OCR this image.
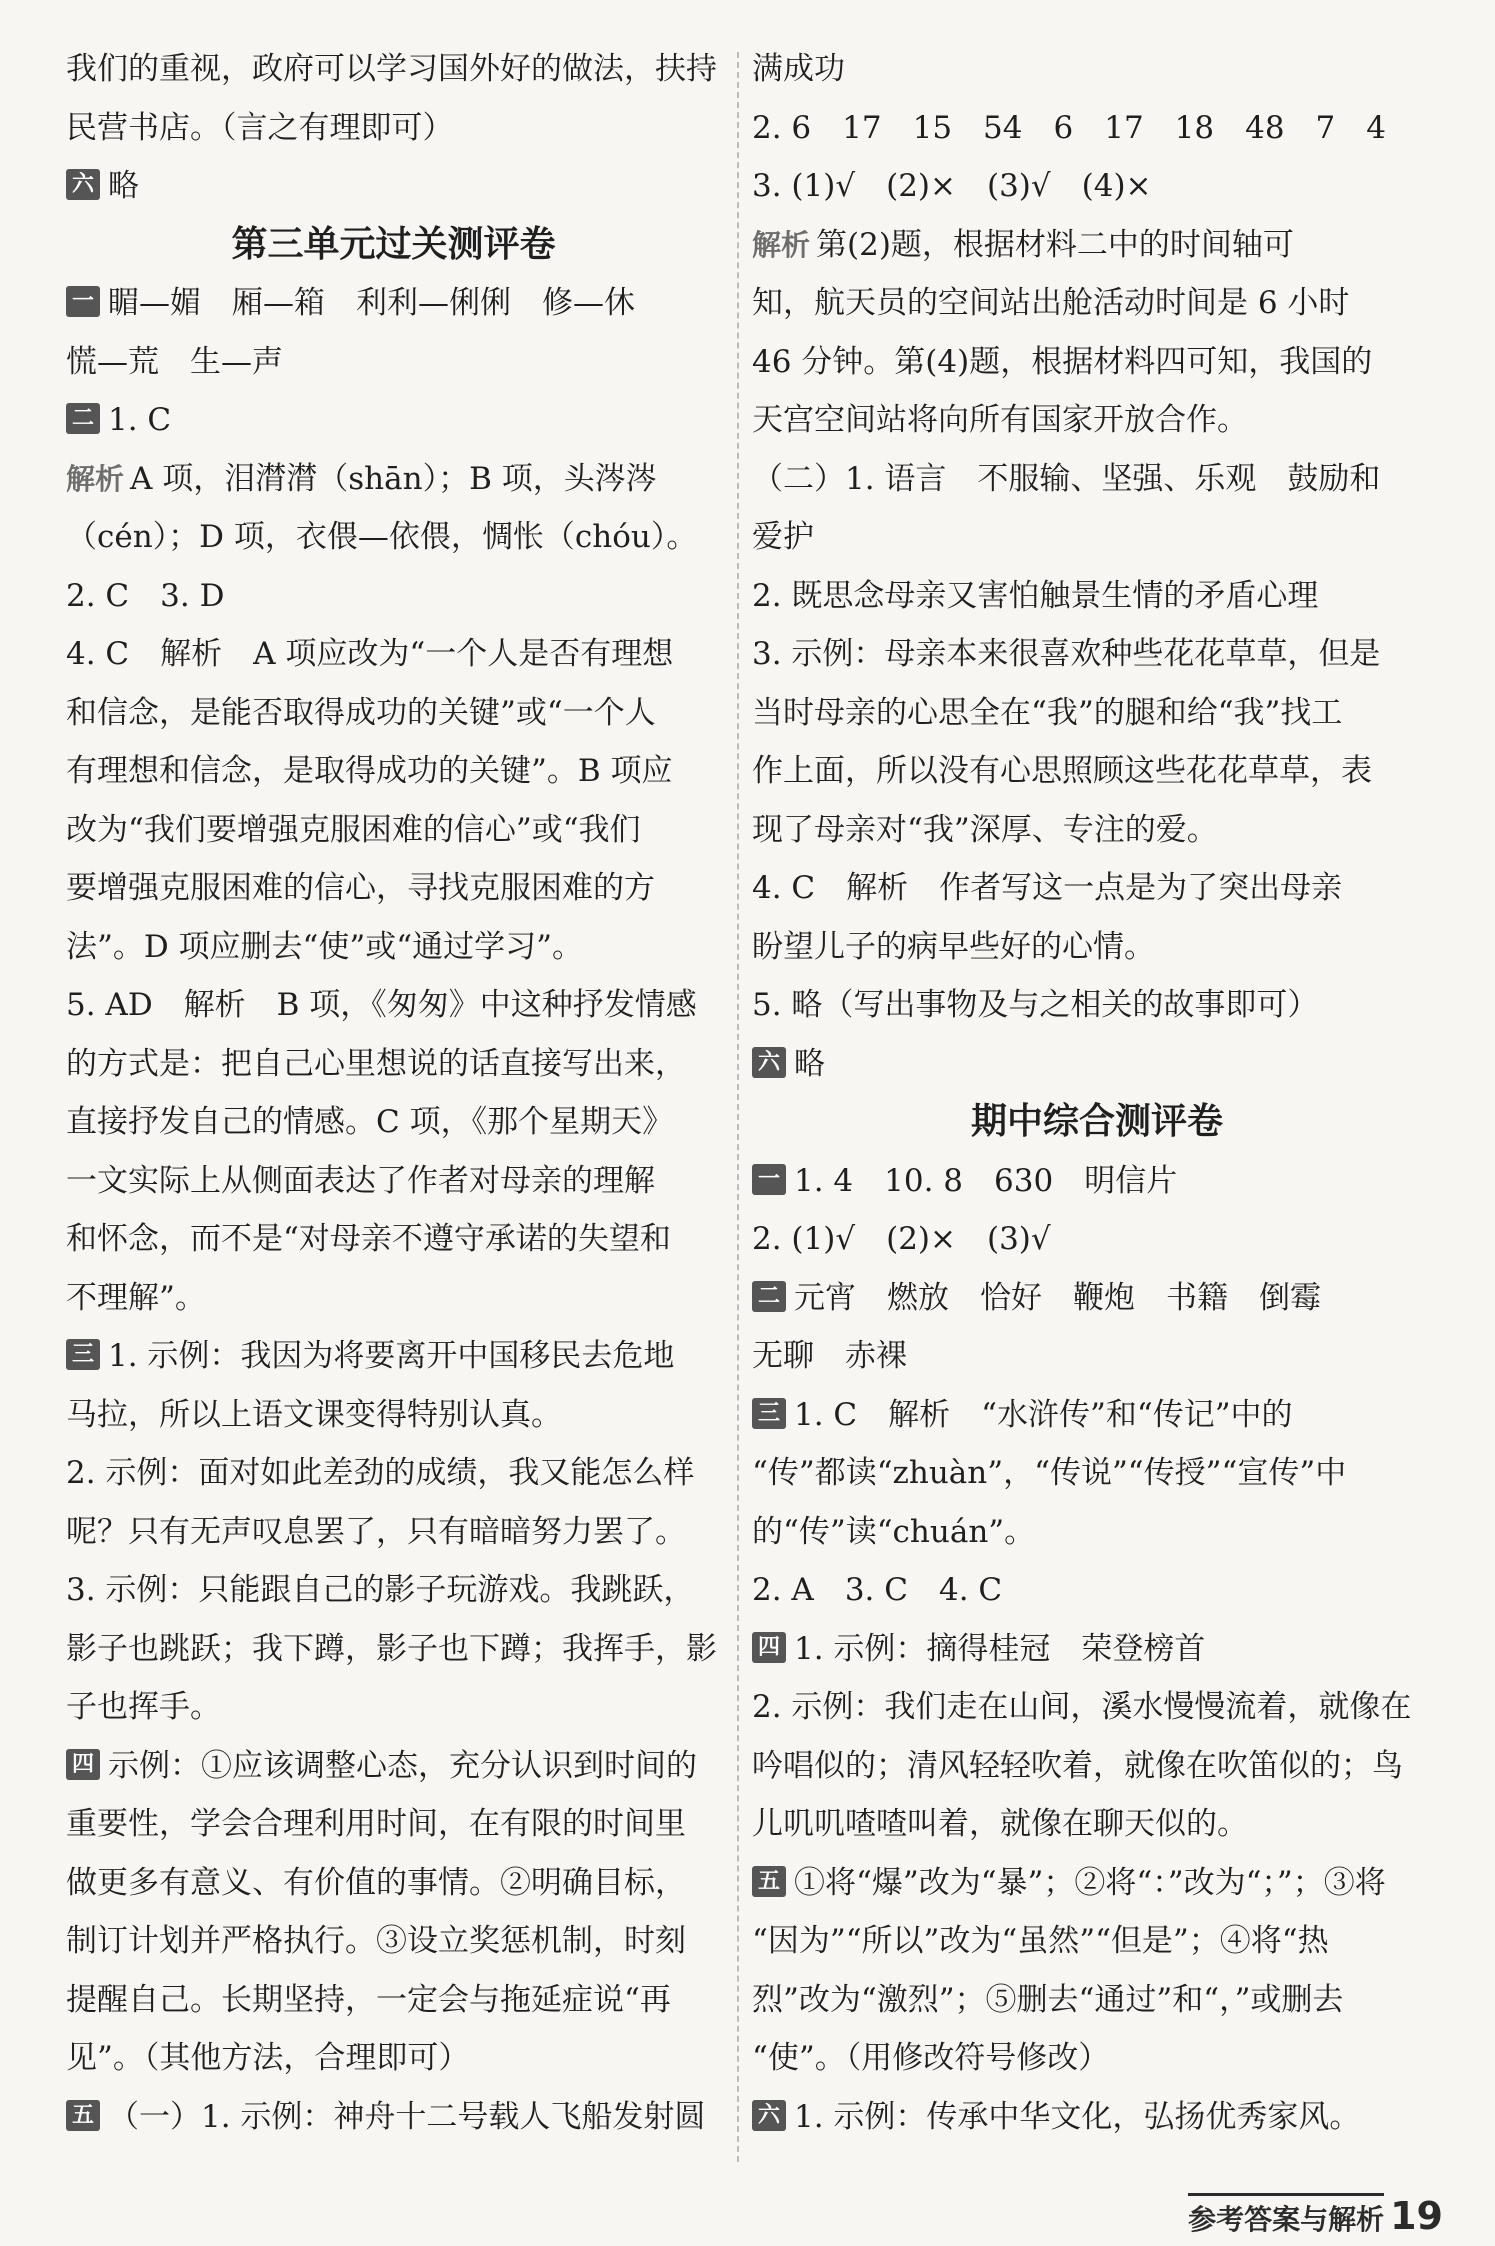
我们的重视，政府可以学习国外好的做法，扶持
民营书店。（言之有理即可）
六 略
第三单元过关测评卷
一 睸—媚　厢—箱　利利—俐俐　修—休
慌—荒　生—声
二 1. C
解析 A 项，泪潸潸（shān）；B 项，头涔涔
（cén）；D 项，衣偎—依偎，惆怅（chóu）。
2. C　3. D
4. C　解析　A 项应改为“一个人是否有理想
和信念，是能否取得成功的关键”或“一个人
有理想和信念，是取得成功的关键”。B 项应
改为“我们要增强克服困难的信心”或“我们
要增强克服困难的信心，寻找克服困难的方
法”。D 项应删去“使”或“通过学习”。
5. AD　解析　B 项，《匆匆》中这种抒发情感
的方式是：把自己心里想说的话直接写出来，
直接抒发自己的情感。C 项，《那个星期天》
一文实际上从侧面表达了作者对母亲的理解
和怀念，而不是“对母亲不遵守承诺的失望和
不理解”。
三 1. 示例：我因为将要离开中国移民去危地
马拉，所以上语文课变得特别认真。
2. 示例：面对如此差劲的成绩，我又能怎么样
呢？只有无声叹息罢了，只有暗暗努力罢了。
3. 示例：只能跟自己的影子玩游戏。我跳跃，
影子也跳跃；我下蹲，影子也下蹲；我挥手，影
子也挥手。
四 示例：①应该调整心态，充分认识到时间的
重要性，学会合理利用时间，在有限的时间里
做更多有意义、有价值的事情。②明确目标，
制订计划并严格执行。③设立奖惩机制，时刻
提醒自己。长期坚持，一定会与拖延症说“再
见”。（其他方法，合理即可）
五 （一）1. 示例：神舟十二号载人飞船发射圆
满成功
2. 6　17　15　54　6　17　18　48　7　4
3. (1)√　(2)×　(3)√　(4)×
解析 第(2)题，根据材料二中的时间轴可
知，航天员的空间站出舱活动时间是 6 小时
46 分钟。第(4)题，根据材料四可知，我国的
天宫空间站将向所有国家开放合作。
（二）1. 语言　不服输、坚强、乐观　鼓励和
爱护
2. 既思念母亲又害怕触景生情的矛盾心理
3. 示例：母亲本来很喜欢种些花花草草，但是
当时母亲的心思全在“我”的腿和给“我”找工
作上面，所以没有心思照顾这些花花草草，表
现了母亲对“我”深厚、专注的爱。
4. C　解析　作者写这一点是为了突出母亲
盼望儿子的病早些好的心情。
5. 略（写出事物及与之相关的故事即可）
六 略
期中综合测评卷
一 1. 4　10. 8　630　明信片
2. (1)√　(2)×　(3)√
二 元宵　燃放　恰好　鞭炮　书籍　倒霉
无聊　赤裸
三 1. C　解析　“水浒传”和“传记”中的
“传”都读“zhuàn”，“传说”“传授”“宣传”中
的“传”读“chuán”。
2. A　3. C　4. C
四 1. 示例：摘得桂冠　荣登榜首
2. 示例：我们走在山间，溪水慢慢流着，就像在
吟唱似的；清风轻轻吹着，就像在吹笛似的；鸟
儿叽叽喳喳叫着，就像在聊天似的。
五 ①将“爆”改为“暴”；②将“：”改为“；”；③将
“因为”“所以”改为“虽然”“但是”；④将“热
烈”改为“激烈”；⑤删去“通过”和“，”或删去
“使”。（用修改符号修改）
六 1. 示例：传承中华文化，弘扬优秀家风。
参考答案与解析 19
